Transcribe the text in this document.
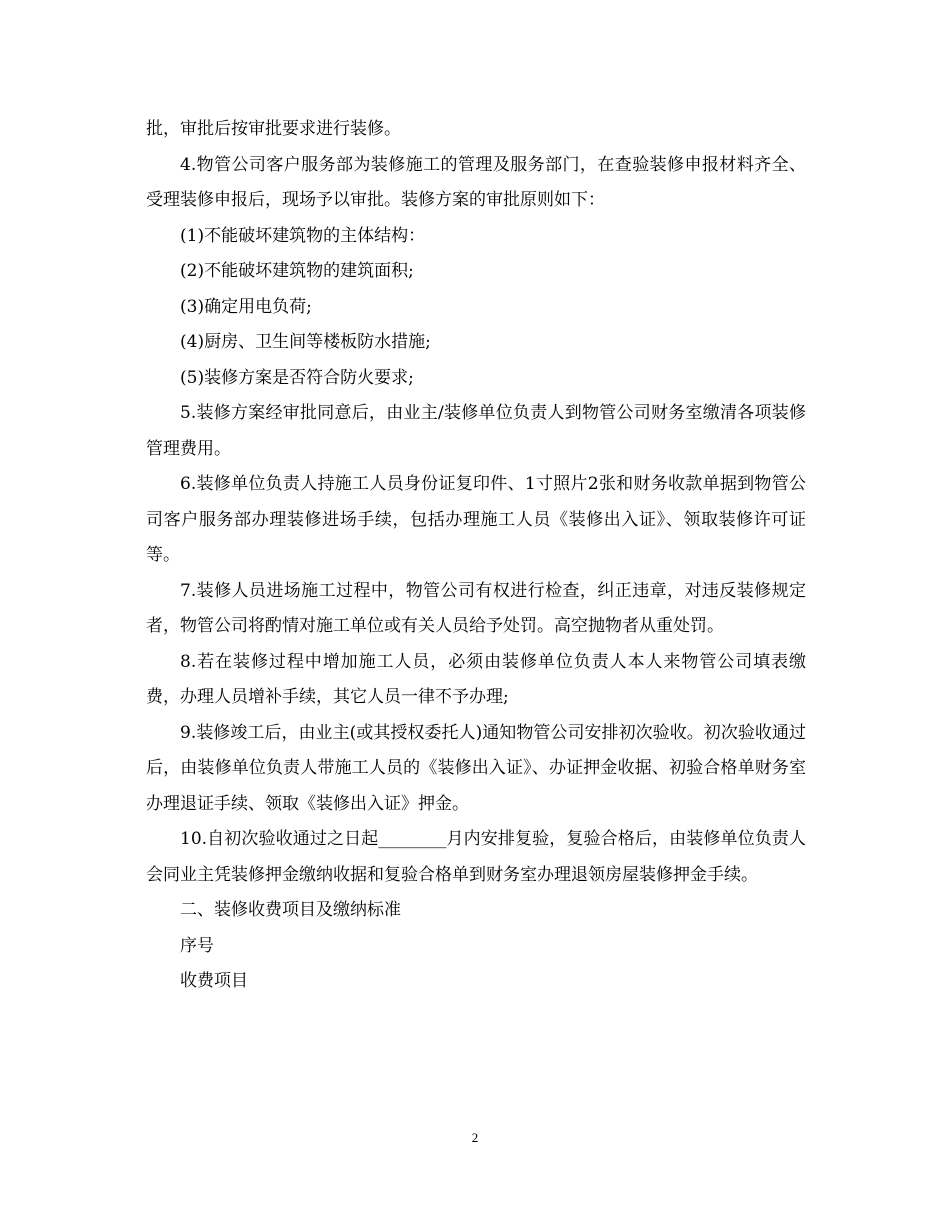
批，审批后按审批要求进行装修。

4.物管公司客户服务部为装修施工的管理及服务部门，在查验装修申报材料齐全、受理装修申报后，现场予以审批。装修方案的审批原则如下：

(1)不能破坏建筑物的主体结构：

(2)不能破坏建筑物的建筑面积;

(3)确定用电负荷;

(4)厨房、卫生间等楼板防水措施;

(5)装修方案是否符合防火要求;

5.装修方案经审批同意后，由业主/装修单位负责人到物管公司财务室缴清各项装修管理费用。

6.装修单位负责人持施工人员身份证复印件、1寸照片2张和财务收款单据到物管公司客户服务部办理装修进场手续，包括办理施工人员《装修出入证》、领取装修许可证等。

7.装修人员进场施工过程中，物管公司有权进行检查，纠正违章，对违反装修规定者，物管公司将酌情对施工单位或有关人员给予处罚。高空抛物者从重处罚。

8.若在装修过程中增加施工人员，必须由装修单位负责人本人来物管公司填表缴费，办理人员增补手续，其它人员一律不予办理;

9.装修竣工后，由业主(或其授权委托人)通知物管公司安排初次验收。初次验收通过后，由装修单位负责人带施工人员的《装修出入证》、办证押金收据、初验合格单财务室办理退证手续、领取《装修出入证》押金。

10.自初次验收通过之日起________月内安排复验，复验合格后，由装修单位负责人会同业主凭装修押金缴纳收据和复验合格单到财务室办理退领房屋装修押金手续。

二、装修收费项目及缴纳标准

序号

收费项目

2
